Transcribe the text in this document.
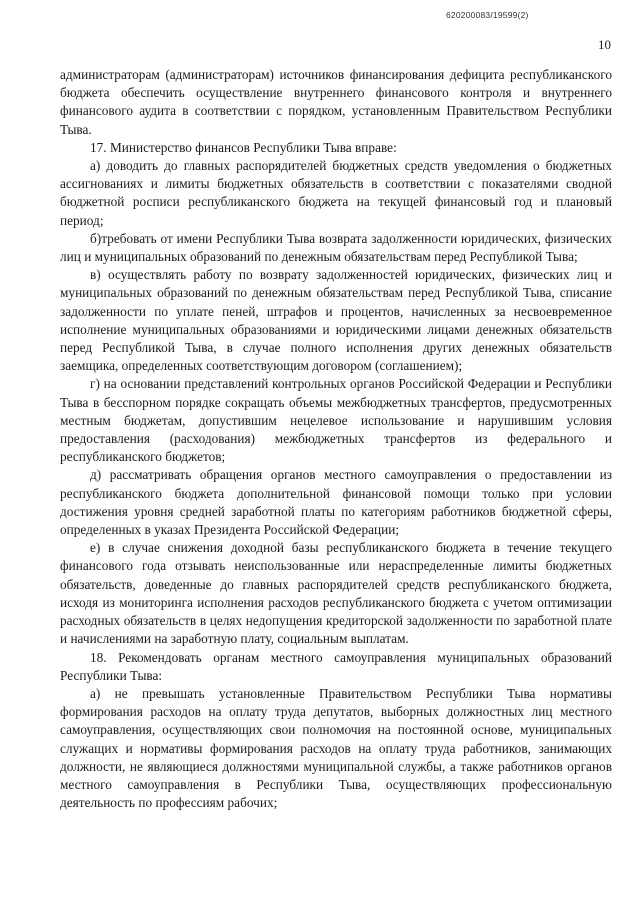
620200083/19599(2)
10

администраторам (администраторам) источников финансирования дефицита республиканского бюджета обеспечить осуществление внутреннего финансового контроля и внутреннего финансового аудита в соответствии с порядком, установленным Правительством Республики Тыва.

17. Министерство финансов Республики Тыва вправе:

а) доводить до главных распорядителей бюджетных средств уведомления о бюджетных ассигнованиях и лимиты бюджетных обязательств в соответствии с показателями сводной бюджетной росписи республиканского бюджета на текущей финансовый год и плановый период;

б)требовать от имени Республики Тыва возврата задолженности юридических, физических лиц и муниципальных образований по денежным обязательствам перед Республикой Тыва;

в) осуществлять работу по возврату задолженностей юридических, физических лиц и муниципальных образований по денежным обязательствам перед Республикой Тыва, списание задолженности по уплате пеней, штрафов и процентов, начисленных за несвоевременное исполнение муниципальных образованиями и юридическими лицами денежных обязательств перед Республикой Тыва, в случае полного исполнения других денежных обязательств заемщика, определенных соответствующим договором (соглашением);

г) на основании представлений контрольных органов Российской Федерации и Республики Тыва в бесспорном порядке сокращать объемы межбюджетных трансфертов, предусмотренных местным бюджетам, допустившим нецелевое использование и нарушившим условия предоставления (расходования) межбюджетных трансфертов из федерального и республиканского бюджетов;

д) рассматривать обращения органов местного самоуправления о предоставлении из республиканского бюджета дополнительной финансовой помощи только при условии достижения уровня средней заработной платы по категориям работников бюджетной сферы, определенных в указах Президента Российской Федерации;

е) в случае снижения доходной базы республиканского бюджета в течение текущего финансового года отзывать неиспользованные или нераспределенные лимиты бюджетных обязательств, доведенные до главных распорядителей средств республиканского бюджета, исходя из мониторинга исполнения расходов республиканского бюджета с учетом оптимизации расходных обязательств в целях недопущения кредиторской задолженности по заработной плате и начислениями на заработную плату, социальным выплатам.

18. Рекомендовать органам местного самоуправления муниципальных образований Республики Тыва:

а) не превышать установленные Правительством Республики Тыва нормативы формирования расходов на оплату труда депутатов, выборных должностных лиц местного самоуправления, осуществляющих свои полномочия на постоянной основе, муниципальных служащих и нормативы формирования расходов на оплату труда работников, занимающих должности, не являющиеся должностями муниципальной службы, а также работников органов местного самоуправления в Республики Тыва, осуществляющих профессиональную деятельность по профессиям рабочих;
